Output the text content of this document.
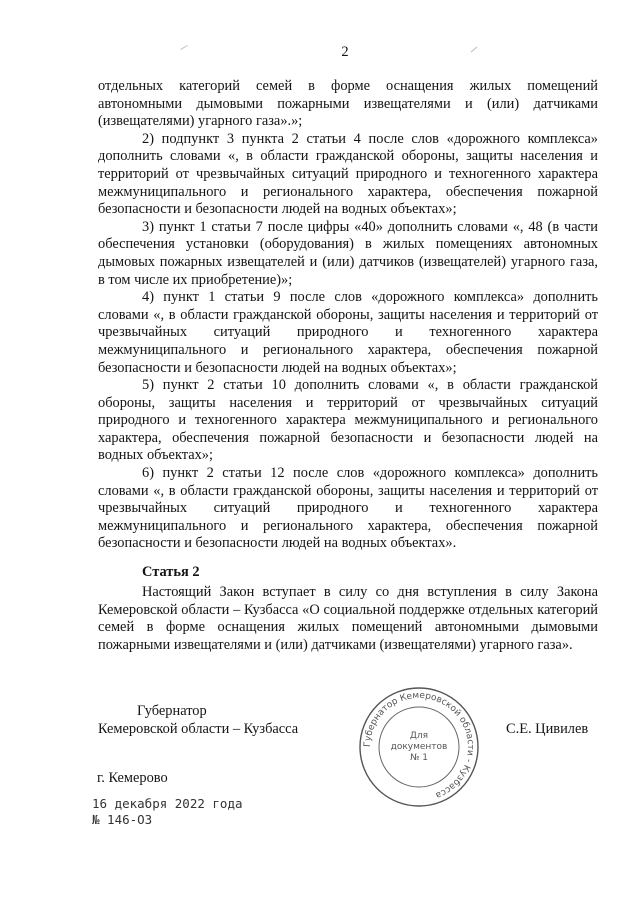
2

отдельных категорий семей в форме оснащения жилых помещений автономными дымовыми пожарными извещателями и (или) датчиками (извещателями) угарного газа».»;

2) подпункт 3 пункта 2 статьи 4 после слов «дорожного комплекса» дополнить словами «, в области гражданской обороны, защиты населения и территорий от чрезвычайных ситуаций природного и техногенного характера межмуниципального и регионального характера, обеспечения пожарной безопасности и безопасности людей на водных объектах»;

3) пункт 1 статьи 7 после цифры «40» дополнить словами «, 48 (в части обеспечения установки (оборудования) в жилых помещениях автономных дымовых пожарных извещателей и (или) датчиков (извещателей) угарного газа, в том числе их приобретение)»;

4) пункт 1 статьи 9 после слов «дорожного комплекса» дополнить словами «, в области гражданской обороны, защиты населения и территорий от чрезвычайных ситуаций природного и техногенного характера межмуниципального и регионального характера, обеспечения пожарной безопасности и безопасности людей на водных объектах»;

5) пункт 2 статьи 10 дополнить словами «, в области гражданской обороны, защиты населения и территорий от чрезвычайных ситуаций природного и техногенного характера межмуниципального и регионального характера, обеспечения пожарной безопасности и безопасности людей на водных объектах»;

6) пункт 2 статьи 12 после слов «дорожного комплекса» дополнить словами «, в области гражданской обороны, защиты населения и территорий от чрезвычайных ситуаций природного и техногенного характера межмуниципального и регионального характера, обеспечения пожарной безопасности и безопасности людей на водных объектах».

Статья 2

Настоящий Закон вступает в силу со дня вступления в силу Закона Кемеровской области – Кузбасса «О социальной поддержке отдельных категорий семей в форме оснащения жилых помещений автономными дымовыми пожарными извещателями и (или) датчиками (извещателями) угарного газа».

Губернатор
Кемеровской области – Кузбасса	С.Е. Цивилев
Губернатор Кемеровской области - Кузбасса
Для
документов
№ 1
г. Кемерово
16 декабря 2022 года
№ 146-ОЗ
